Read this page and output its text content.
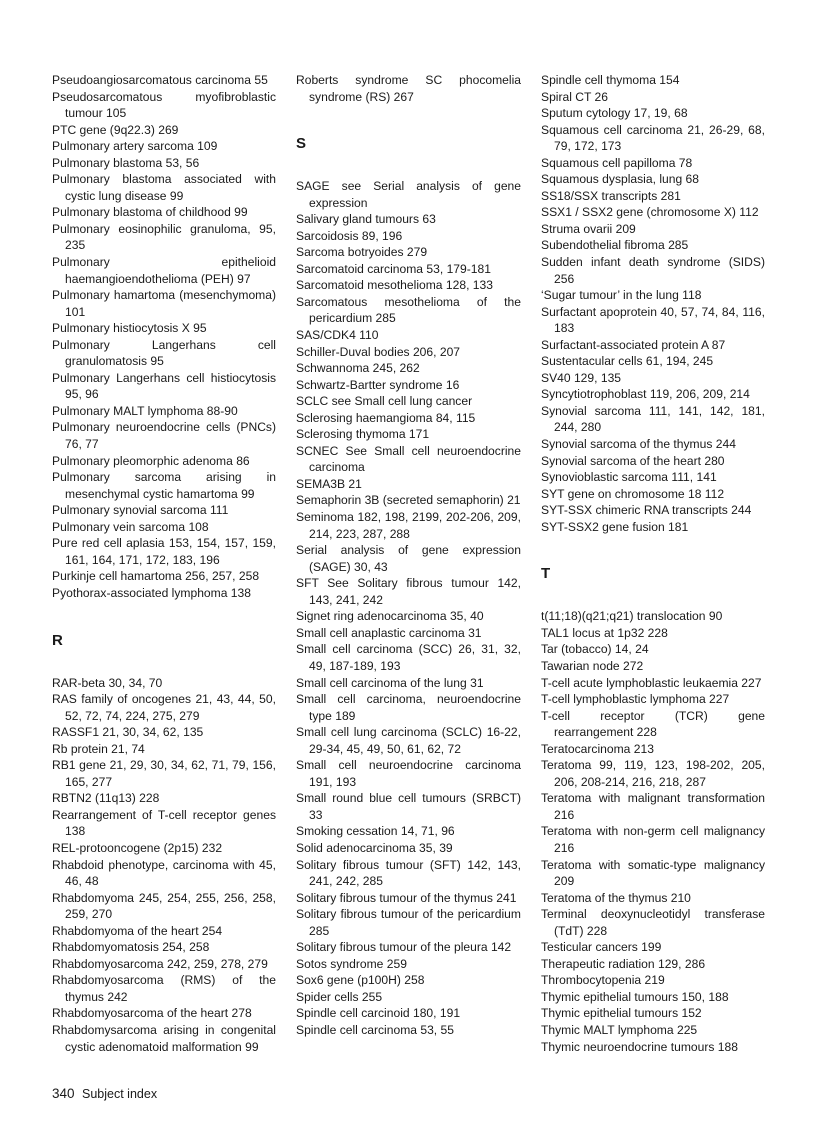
Pseudoangiosarcomatous carcinoma 55

Pseudosarcomatous myofibroblastic tumour 105

PTC gene (9q22.3) 269

Pulmonary artery sarcoma 109

Pulmonary blastoma 53, 56

Pulmonary blastoma associated with cystic lung disease 99

Pulmonary blastoma of childhood 99

Pulmonary eosinophilic granuloma, 95, 235

Pulmonary epithelioid haemangioendothelioma (PEH) 97

Pulmonary hamartoma (mesenchymoma) 101

Pulmonary histiocytosis X 95

Pulmonary Langerhans cell granulomatosis 95

Pulmonary Langerhans cell histiocytosis 95, 96

Pulmonary MALT lymphoma 88-90

Pulmonary neuroendocrine cells (PNCs) 76, 77

Pulmonary pleomorphic adenoma 86

Pulmonary sarcoma arising in mesenchymal cystic hamartoma 99

Pulmonary synovial sarcoma 111

Pulmonary vein sarcoma 108

Pure red cell aplasia 153, 154, 157, 159, 161, 164, 171, 172, 183, 196

Purkinje cell hamartoma 256, 257, 258

Pyothorax-associated lymphoma 138

R

RAR-beta 30, 34, 70

RAS family of oncogenes 21, 43, 44, 50, 52, 72, 74, 224, 275, 279

RASSF1 21, 30, 34, 62, 135

Rb protein 21, 74

RB1 gene 21, 29, 30, 34, 62, 71, 79, 156, 165, 277

RBTN2 (11q13) 228

Rearrangement of T-cell receptor genes 138

REL-protooncogene (2p15) 232

Rhabdoid phenotype, carcinoma with 45, 46, 48

Rhabdomyoma 245, 254, 255, 256, 258, 259, 270

Rhabdomyoma of the heart 254

Rhabdomyomatosis 254, 258

Rhabdomyosarcoma 242, 259, 278, 279

Rhabdomyosarcoma (RMS) of the thymus 242

Rhabdomyosarcoma of the heart 278

Rhabdomysarcoma arising in congenital cystic adenomatoid malformation 99

Roberts syndrome SC phocomelia syndrome (RS) 267

S

SAGE see Serial analysis of gene expression

Salivary gland tumours 63

Sarcoidosis 89, 196

Sarcoma botryoides 279

Sarcomatoid carcinoma 53, 179-181

Sarcomatoid mesothelioma 128, 133

Sarcomatous mesothelioma of the pericardium 285

SAS/CDK4 110

Schiller-Duval bodies 206, 207

Schwannoma 245, 262

Schwartz-Bartter syndrome 16

SCLC see Small cell lung cancer

Sclerosing haemangioma 84, 115

Sclerosing thymoma 171

SCNEC See Small cell neuroendocrine carcinoma

SEMA3B 21

Semaphorin 3B (secreted semaphorin) 21

Seminoma 182, 198, 2199, 202-206, 209, 214, 223, 287, 288

Serial analysis of gene expression (SAGE) 30, 43

SFT See Solitary fibrous tumour 142, 143, 241, 242

Signet ring adenocarcinoma 35, 40

Small cell anaplastic carcinoma 31

Small cell carcinoma (SCC) 26, 31, 32, 49, 187-189, 193

Small cell carcinoma of the lung 31

Small cell carcinoma, neuroendocrine type 189

Small cell lung carcinoma (SCLC) 16-22, 29-34, 45, 49, 50, 61, 62, 72

Small cell neuroendocrine carcinoma 191, 193

Small round blue cell tumours (SRBCT) 33

Smoking cessation 14, 71, 96

Solid adenocarcinoma 35, 39

Solitary fibrous tumour (SFT) 142, 143, 241, 242, 285

Solitary fibrous tumour of the thymus 241

Solitary fibrous tumour of the pericardium 285

Solitary fibrous tumour of the pleura 142

Sotos syndrome 259

Sox6 gene (p100H) 258

Spider cells 255

Spindle cell carcinoid 180, 191

Spindle cell carcinoma 53, 55

Spindle cell thymoma 154

Spiral CT 26

Sputum cytology 17, 19, 68

Squamous cell carcinoma 21, 26-29, 68, 79, 172, 173

Squamous cell papilloma 78

Squamous dysplasia, lung 68

SS18/SSX transcripts 281

SSX1 / SSX2 gene (chromosome X) 112

Struma ovarii 209

Subendothelial fibroma 285

Sudden infant death syndrome (SIDS) 256

‘Sugar tumour’ in the lung 118

Surfactant apoprotein 40, 57, 74, 84, 116, 183

Surfactant-associated protein A 87

Sustentacular cells 61, 194, 245

SV40 129, 135

Syncytiotrophoblast 119, 206, 209, 214

Synovial sarcoma 111, 141, 142, 181, 244, 280

Synovial sarcoma of the thymus 244

Synovial sarcoma of the heart 280

Synovioblastic sarcoma 111, 141

SYT gene on chromosome 18 112

SYT-SSX chimeric RNA transcripts 244

SYT-SSX2 gene fusion 181

T

t(11;18)(q21;q21) translocation 90

TAL1 locus at 1p32 228

Tar (tobacco) 14, 24

Tawarian node 272

T-cell acute lymphoblastic leukaemia 227

T-cell lymphoblastic lymphoma 227

T-cell receptor (TCR) gene rearrangement 228

Teratocarcinoma 213

Teratoma 99, 119, 123, 198-202, 205, 206, 208-214, 216, 218, 287

Teratoma with malignant transformation 216

Teratoma with non-germ cell malignancy 216

Teratoma with somatic-type malignancy 209

Teratoma of the thymus 210

Terminal deoxynucleotidyl transferase (TdT) 228

Testicular cancers 199

Therapeutic radiation 129, 286

Thrombocytopenia 219

Thymic epithelial tumours 150, 188

Thymic epithelial tumours 152

Thymic MALT lymphoma 225

Thymic neuroendocrine tumours 188

340 Subject index
